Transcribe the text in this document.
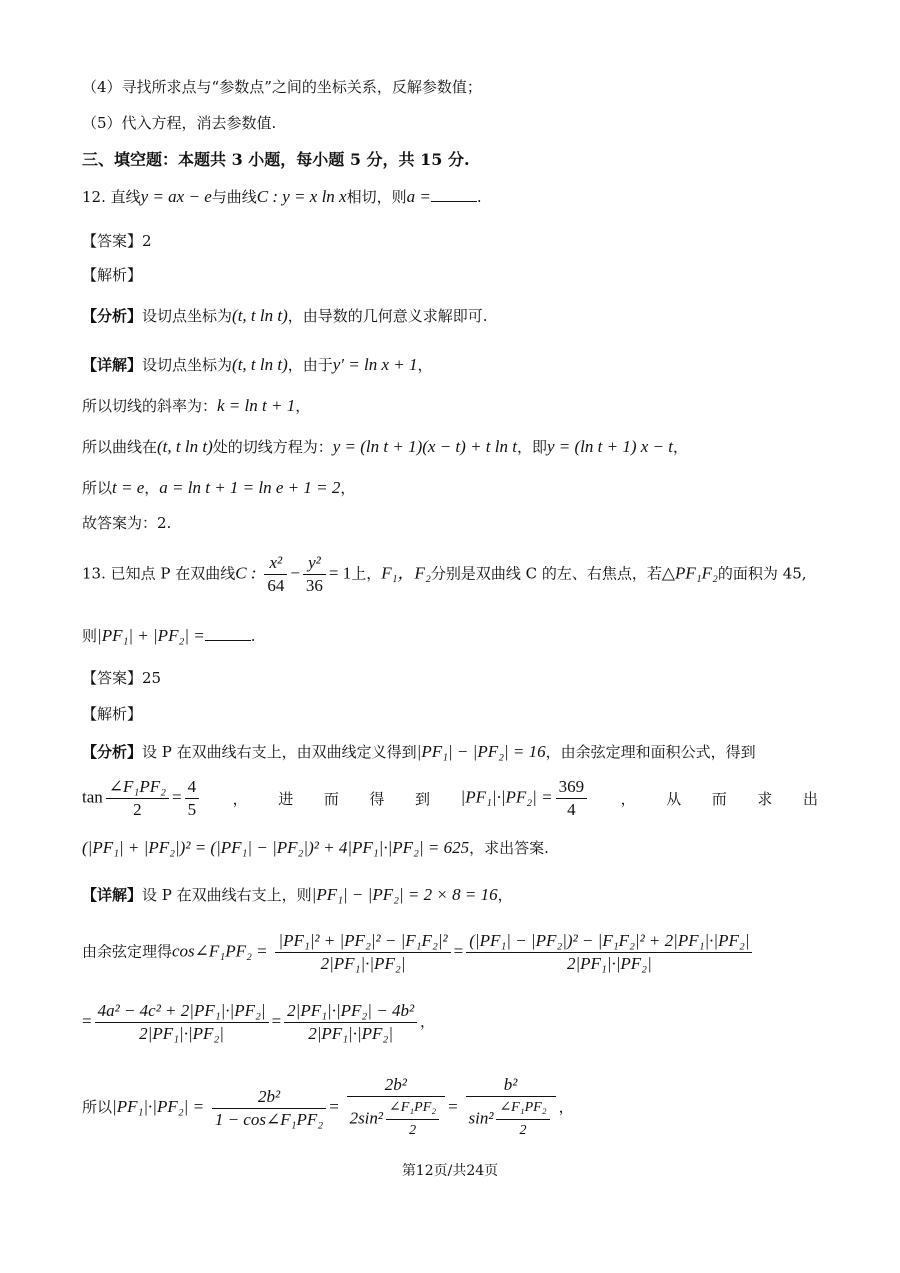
（4）寻找所求点与“参数点”之间的坐标关系，反解参数值；
（5）代入方程，消去参数值.
三、填空题：本题共 3 小题，每小题 5 分，共 15 分.
12. 直线y = ax − e与曲线C : y = x ln x相切，则a =	.
【答案】2
【解析】
【分析】设切点坐标为(t, t ln t)，由导数的几何意义求解即可.
【详解】设切点坐标为(t, t ln t)，由于y′ = ln x + 1，
所以切线的斜率为：k = ln t + 1，
所以曲线在(t, t ln t)处的切线方程为：y = (ln t + 1)(x − t) + t ln t，即y = (ln t + 1) x − t，
所以t = e，a = ln t + 1 = ln e + 1 = 2，
故答案为：2.
13. 已知点 P 在双曲线C : $\frac{\text{x²}}{64} - \frac{\text{y²}}{36} = 1$上，F₁，F₂分别是双曲线 C 的左、右焦点，若△PF₁F₂的面积为 45,
则|PF₁| + |PF₂| =	.
【答案】25
【解析】
【分析】设 P 在双曲线右支上，由双曲线定义得到|PF₁| − |PF₂| = 16，由余弦定理和面积公式，得到
$\tan \frac{\text{∠F₁PF₂}}{2} = \frac{4}{5}$ ， 进 而 得 到 $|PF_1|\cdot|PF_2| = \frac{369}{4}$ ， 从 而 求 出
(|PF₁| + |PF₂|)² = (|PF₁| − |PF₂|)² + 4|PF₁|·|PF₂| = 625，求出答案.
【详解】设 P 在双曲线右支上，则|PF₁| − |PF₂| = 2 × 8 = 16，
由余弦定理得cos∠F₁PF₂ = $\frac{\text{|PF₁|² + |PF₂|² − |F₁F₂|²}}{\text{2|PF₁|·|PF₂|}} = \frac{\text{(|PF₁| − |PF₂|)² − |F₁F₂|² + 2|PF₁|·|PF₂|}}{\text{2|PF₁|·|PF₂|}}$
= $\frac{\text{4a² − 4c² + 2|PF₁|·|PF₂|}}{\text{2|PF₁|·|PF₂|}} = \frac{\text{2|PF₁|·|PF₂| − 4b²}}{\text{2|PF₁|·|PF₂|}}$ ，
所以$|PF_1|\cdot|PF_2| = \frac{\text{2b²}}{\text{1 − cos∠F₁PF₂}} = \frac{\text{2b²}}{2\sin^2 \frac{\text{∠F₁PF₂}}{2}} = \frac{\text{b²}}{\sin^2 \frac{\text{∠F₁PF₂}}{2}}$ ，
第12页/共24页
